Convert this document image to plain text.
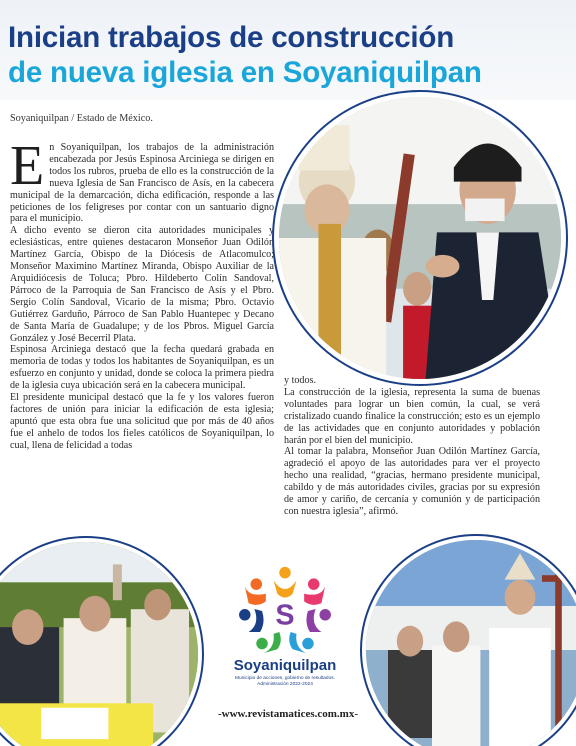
Inician trabajos de construcción
de nueva iglesia en Soyaniquilpan
Soyaniquilpan / Estado de México.

En Soyaniquilpan, los trabajos de la administración encabezada por Jesús Espinosa Arciniega se dirigen en todos los rubros, prueba de ello es la construcción de la nueva Iglesia de San Francisco de Asís, en la cabecera municipal de la demarcación, dicha edificación, responde a las peticiones de los feligreses por contar con un santuario digno para el municipio.

A dicho evento se dieron cita autoridades municipales y eclesiásticas, entre quienes destacaron Monseñor Juan Odilón Martínez García, Obispo de la Diócesis de Atlacomulco; Monseñor Maximino Martínez Miranda, Obispo Auxiliar de la Arquidiócesis de Toluca; Pbro. Hildeberto Colín Sandoval, Párroco de la Parroquia de San Francisco de Asís y el Pbro. Sergio Colín Sandoval, Vicario de la misma; Pbro. Octavio Gutiérrez Garduño, Párroco de San Pablo Huantepec y Decano de Santa María de Guadalupe; y de los Pbros. Miguel García González y José Becerril Plata.

Espinosa Arciniega destacó que la fecha quedará grabada en memoria de todas y todos los habitantes de Soyaniquilpan, es un esfuerzo en conjunto y unidad, donde se coloca la primera piedra de la iglesia cuya ubicación será en la cabecera municipal.

El presidente municipal destacó que la fe y los valores fueron factores de unión para iniciar la edificación de esta iglesia; apuntó que esta obra fue una solicitud que por más de 40 años fue el anhelo de todos los fieles católicos de Soyaniquilpan, lo cual, llena de felicidad a todas

y todos.

La construcción de la iglesia, representa la suma de buenas voluntades para lograr un bien común, la cual, se verá cristalizado cuando finalice la construcción; esto es un ejemplo de las actividades que en conjunto autoridades y población harán por el bien del municipio.

Al tomar la palabra, Monseñor Juan Odilón Martínez García, agradeció el apoyo de las autoridades para ver el proyecto hecho una realidad, “gracias, hermano presidente municipal, cabildo y de más autoridades civiles, gracias por su expresión de amor y cariño, de cercanía y comunión y de participación con nuestra iglesia”, afirmó.

S
Soyaniquilpan
Municipio de acciones, gobierno de resultados.
Administración 2022-2024
-www.revistamatices.com.mx-
